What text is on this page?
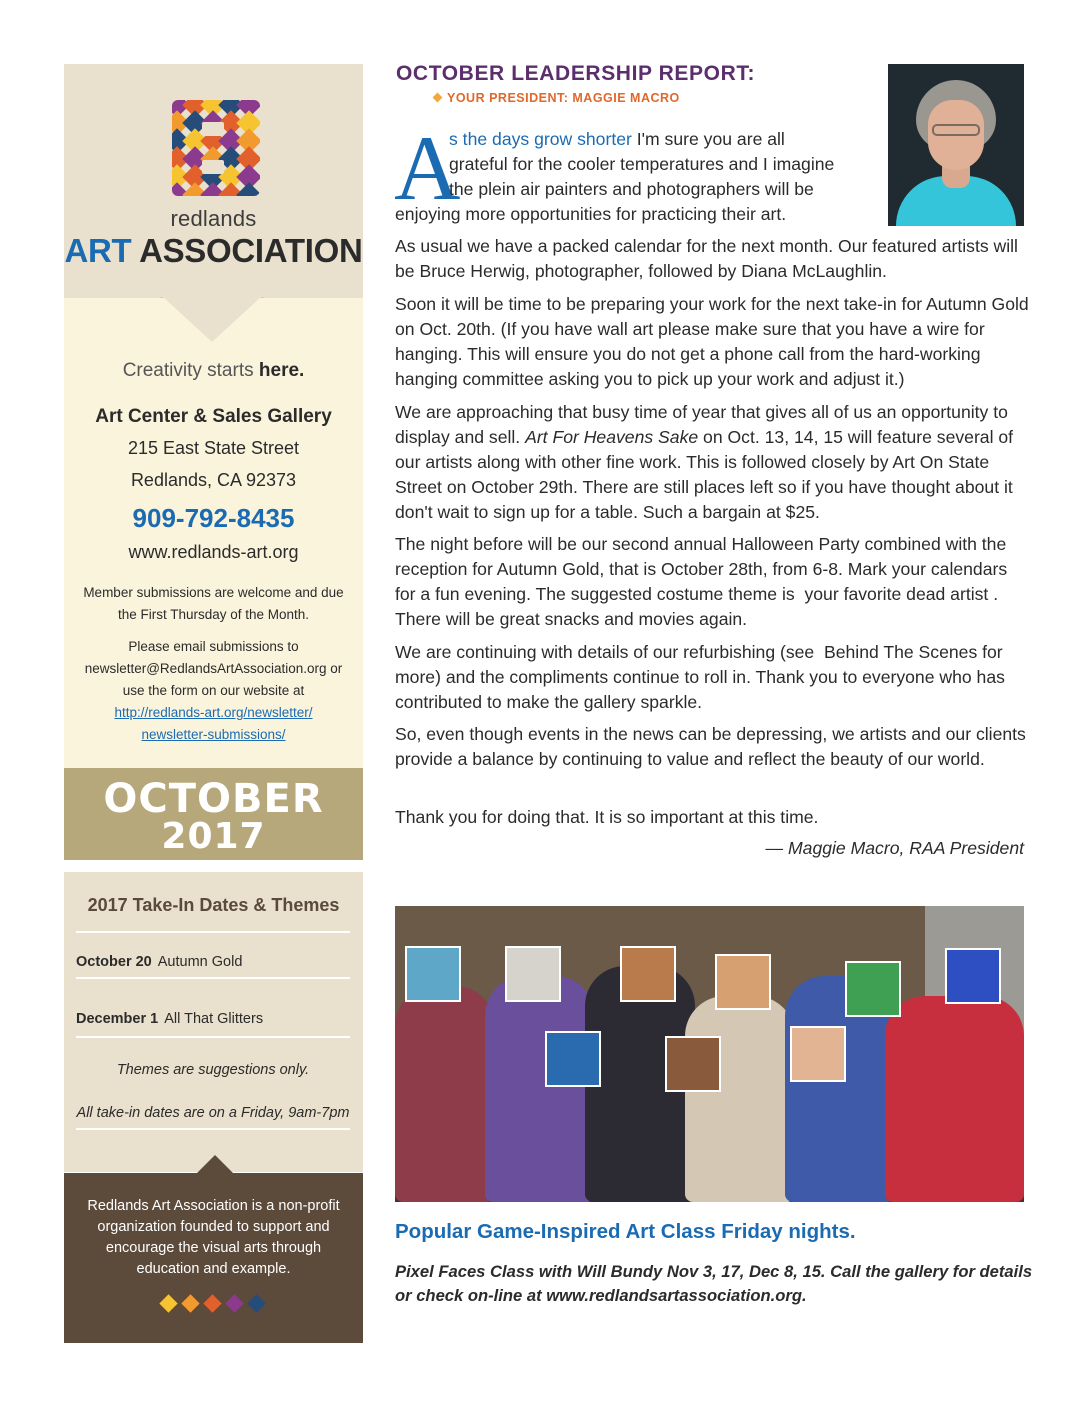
redlands
ART ASSOCIATION
Creativity starts here.
Art Center & Sales Gallery
215 East State Street
Redlands, CA 92373
909-792-8435
www.redlands-art.org
Member submissions are welcome and due the First Thursday of the Month.
Please email submissions to newsletter@RedlandsArtAssociation.org or use the form on our website at
http://redlands-art.org/newsletter/
newsletter-submissions/
OCTOBER
2017
2017 Take-In Dates & Themes
October 20 Autumn Gold
December 1 All That Glitters
Themes are suggestions only.
All take-in dates are on a Friday, 9am-7pm
Redlands Art Association is a non-profit organization founded to support and encourage the visual arts through education and example.
OCTOBER LEADERSHIP REPORT:
YOUR PRESIDENT: MAGGIE MACRO
A
s the days grow shorter I'm sure you are all
grateful for the cooler temperatures and I imagine
the plein air painters and photographers will be
enjoying more opportunities for practicing their art.
As usual we have a packed calendar for the next month. Our featured artists will be Bruce Herwig, photographer, followed by Diana McLaughlin.
Soon it will be time to be preparing your work for the next take-in for Autumn Gold on Oct. 20th. (If you have wall art please make sure that you have a wire for hanging. This will ensure you do not get a phone call from the hard-working hanging committee asking you to pick up your work and adjust it.)
We are approaching that busy time of year that gives all of us an opportunity to display and sell. Art For Heavens Sake on Oct. 13, 14, 15 will feature several of our artists along with other fine work. This is followed closely by Art On State Street on October 29th. There are still places left so if you have thought about it don't wait to sign up for a table. Such a bargain at $25.
The night before will be our second annual Halloween Party combined with the reception for Autumn Gold, that is October 28th, from 6-8. Mark your calendars for a fun evening. The suggested costume theme is  your favorite dead artist . There will be great snacks and movies again.
We are continuing with details of our refurbishing (see  Behind The Scenes for more) and the compliments continue to roll in. Thank you to everyone who has contributed to make the gallery sparkle.
So, even though events in the news can be depressing, we artists and our clients provide a balance by continuing to value and reflect the beauty of our world.
Thank you for doing that. It is so important at this time.
— Maggie Macro, RAA President
Popular Game-Inspired Art Class Friday nights.
Pixel Faces Class with Will Bundy Nov 3, 17, Dec 8, 15. Call the gallery for details or check on-line at www.redlandsartassociation.org.
